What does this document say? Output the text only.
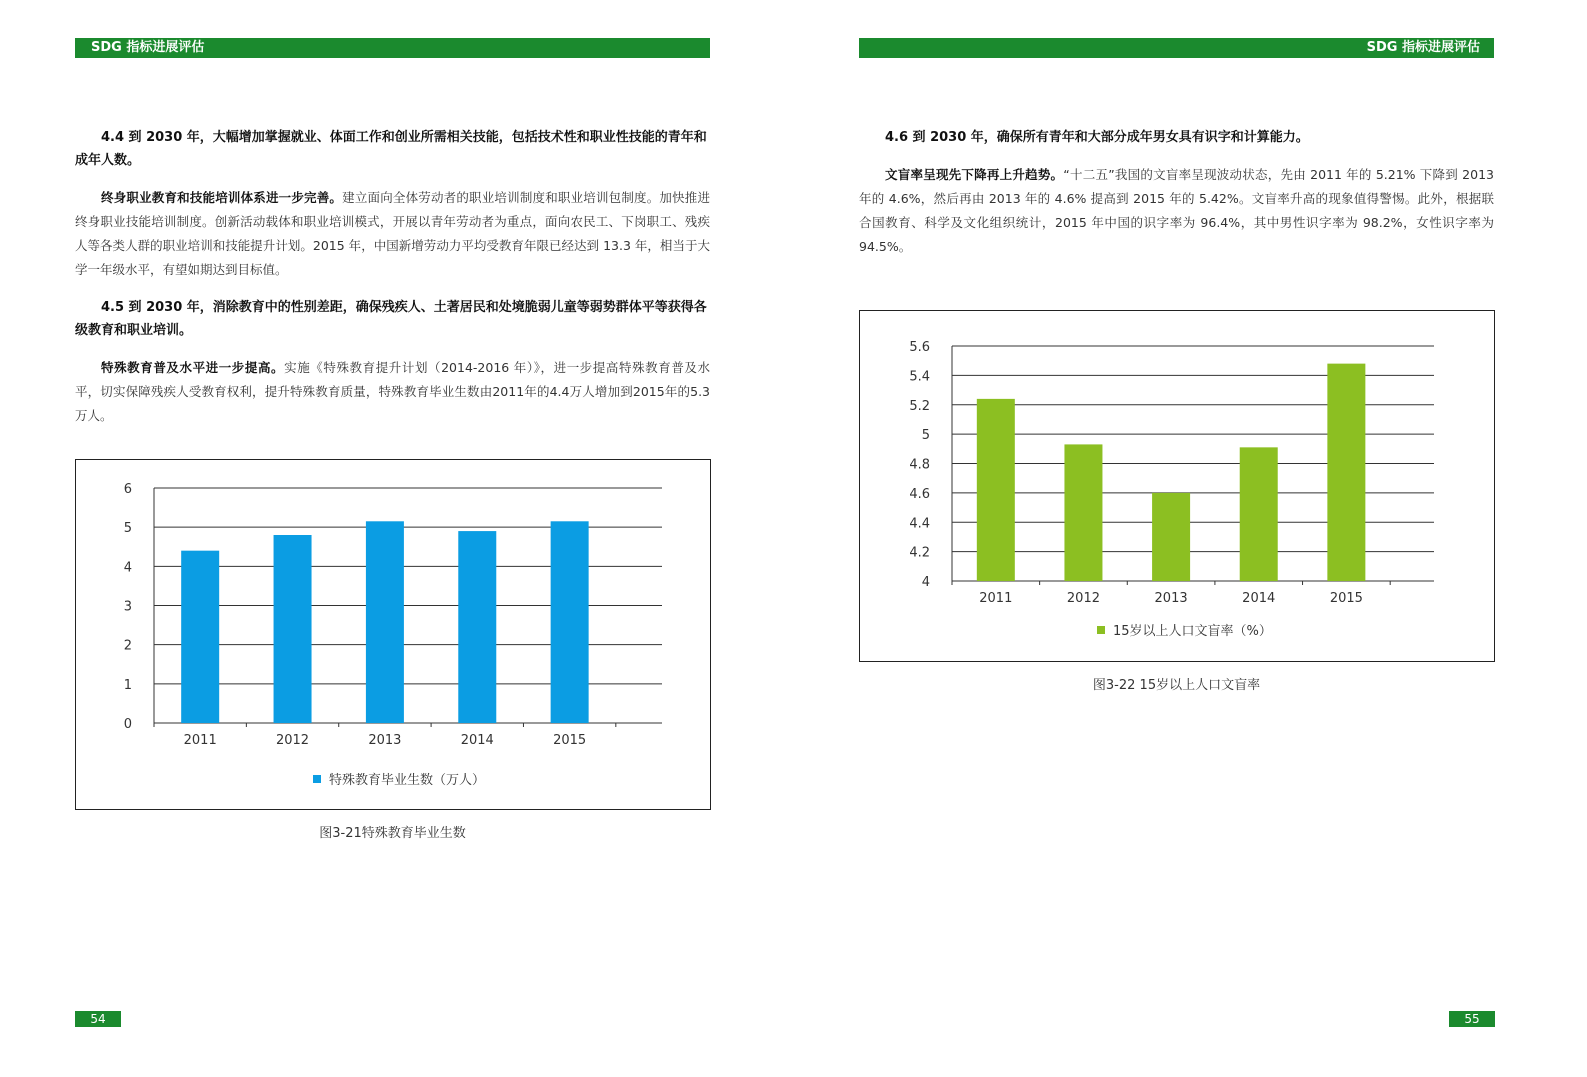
SDG 指标进展评估

4.4 到 2030 年，大幅增加掌握就业、体面工作和创业所需相关技能，包括技术性和职业性技能的青年和成年人数。

终身职业教育和技能培训体系进一步完善。建立面向全体劳动者的职业培训制度和职业培训包制度。加快推进终身职业技能培训制度。创新活动载体和职业培训模式，开展以青年劳动者为重点，面向农民工、下岗职工、残疾人等各类人群的职业培训和技能提升计划。2015 年，中国新增劳动力平均受教育年限已经达到 13.3 年，相当于大学一年级水平，有望如期达到目标值。

4.5 到 2030 年，消除教育中的性别差距，确保残疾人、土著居民和处境脆弱儿童等弱势群体平等获得各级教育和职业培训。

特殊教育普及水平进一步提高。实施《特殊教育提升计划（2014-2016 年）》，进一步提高特殊教育普及水平，切实保障残疾人受教育权利，提升特殊教育质量，特殊教育毕业生数由2011年的4.4万人增加到2015年的5.3万人。

0
1
2
3
4
5
6
2011	2012	2013	2014	2015
特殊教育毕业生数（万人）
图3-21特殊教育毕业生数
54
SDG 指标进展评估

4.6 到 2030 年，确保所有青年和大部分成年男女具有识字和计算能力。

文盲率呈现先下降再上升趋势。“十二五”我国的文盲率呈现波动状态，先由 2011 年的 5.21% 下降到 2013 年的 4.6%，然后再由 2013 年的 4.6% 提高到 2015 年的 5.42%。文盲率升高的现象值得警惕。此外，根据联合国教育、科学及文化组织统计，2015 年中国的识字率为 96.4%，其中男性识字率为 98.2%，女性识字率为 94.5%。

4
4.2
4.4
4.6
4.8
5
5.2
5.4
5.6
2011	2012	2013	2014	2015
15岁以上人口文盲率（%）
图3-22 15岁以上人口文盲率
55
